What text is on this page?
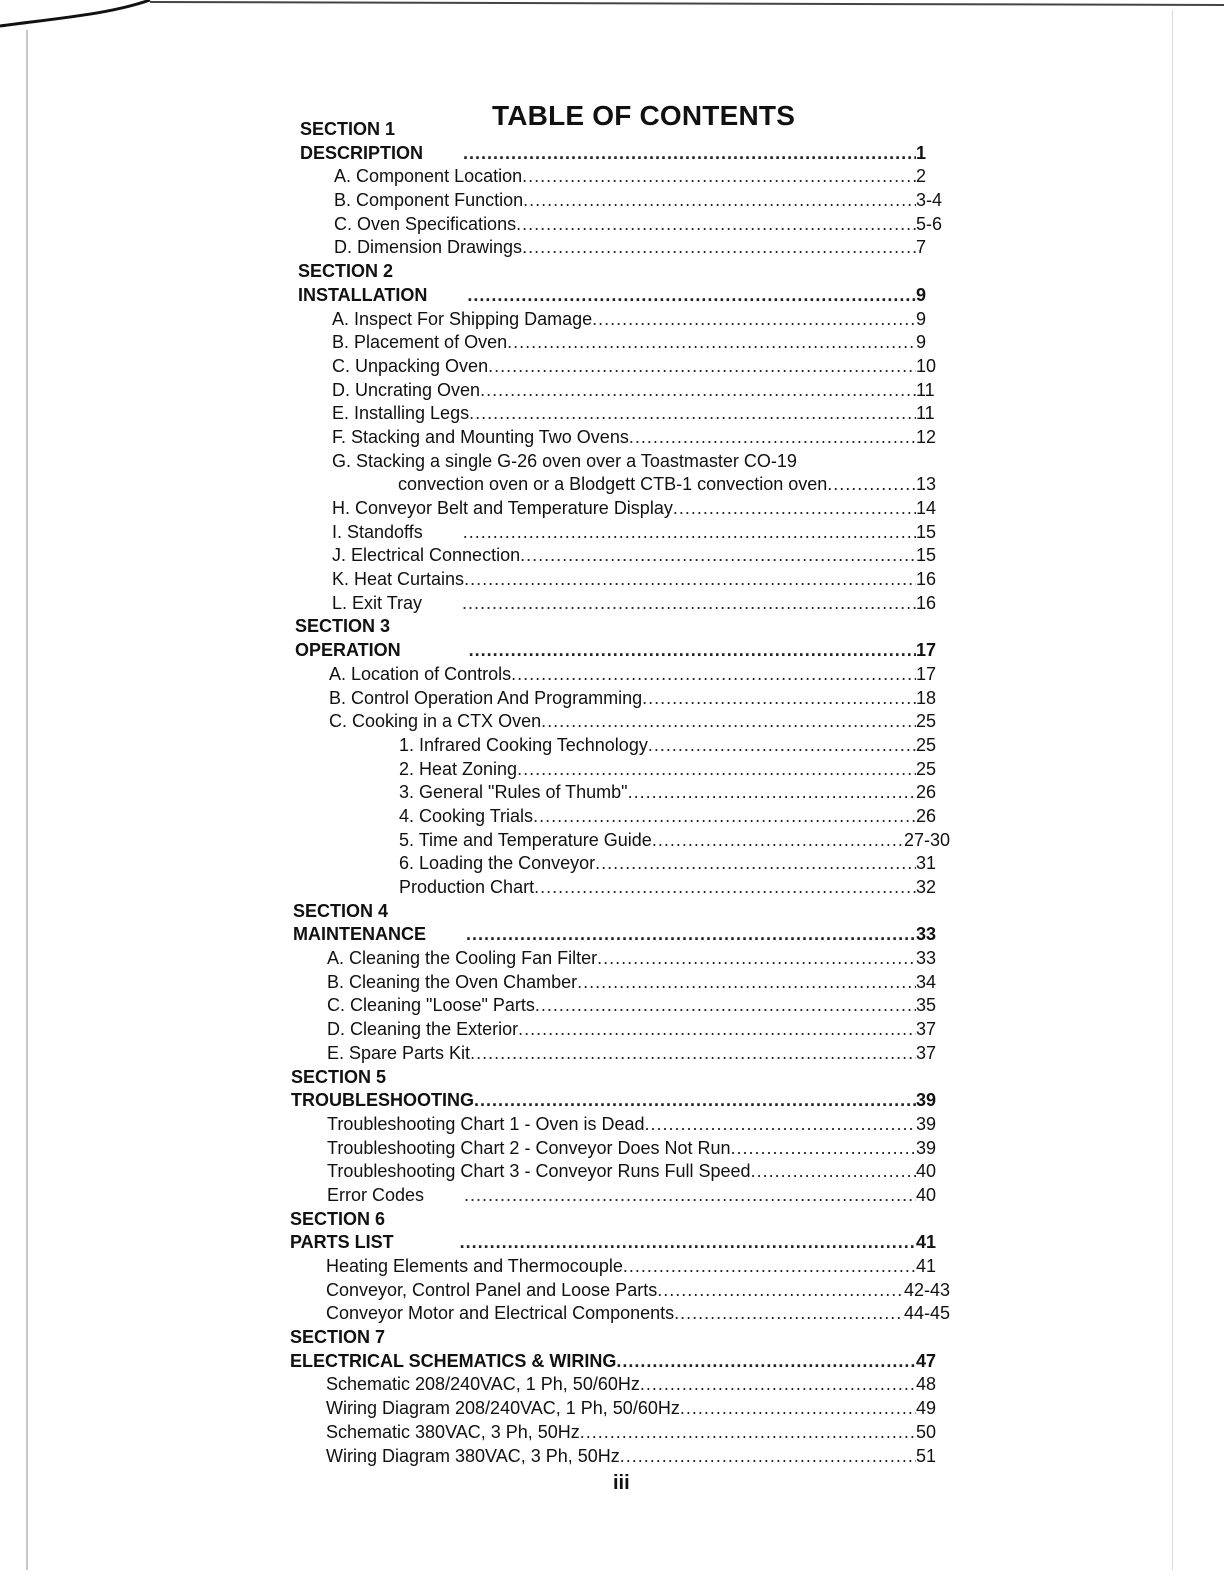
TABLE OF CONTENTS
SECTION 1
DESCRIPTION .....	1
A. Component Location .....	2
B. Component Function .....	3-4
C. Oven Specifications .....	5-6
D. Dimension Drawings .....	7
SECTION 2
INSTALLATION .....	9
A. Inspect For Shipping Damage .....	9
B. Placement of Oven .....	9
C. Unpacking Oven .....	10
D. Uncrating Oven .....	11
E. Installing Legs .....	11
F. Stacking and Mounting Two Ovens .....	12
G. Stacking a single G-26 oven over a Toastmaster CO-19
convection oven or a Blodgett CTB-1 convection oven .....	13
H. Conveyor Belt and Temperature Display .....	14
I. Standoffs .....	15
J. Electrical Connection .....	15
K. Heat Curtains .....	16
L. Exit Tray .....	16
SECTION 3
OPERATION .....	17
A. Location of Controls .....	17
B. Control Operation And Programming .....	18
C. Cooking in a CTX Oven .....	25
1. Infrared Cooking Technology .....	25
2. Heat Zoning .....	25
3. General "Rules of Thumb" .....	26
4. Cooking Trials .....	26
5. Time and Temperature Guide .....	27-30
6. Loading the Conveyor .....	31
Production Chart .....	32
SECTION 4
MAINTENANCE .....	33
A. Cleaning the Cooling Fan Filter .....	33
B. Cleaning the Oven Chamber .....	34
C. Cleaning "Loose" Parts .....	35
D. Cleaning the Exterior .....	37
E. Spare Parts Kit .....	37
SECTION 5
TROUBLESHOOTING .....	39
Troubleshooting Chart 1 - Oven is Dead .....	39
Troubleshooting Chart 2 - Conveyor Does Not Run .....	39
Troubleshooting Chart 3 - Conveyor Runs Full Speed .....	40
Error Codes .....	40
SECTION 6
PARTS LIST .....	41
Heating Elements and Thermocouple .....	41
Conveyor, Control Panel and Loose Parts .....	42-43
Conveyor Motor and Electrical Components .....	44-45
SECTION 7
ELECTRICAL SCHEMATICS & WIRING .....	47
Schematic 208/240VAC, 1 Ph, 50/60Hz .....	48
Wiring Diagram 208/240VAC, 1 Ph, 50/60Hz .....	49
Schematic 380VAC, 3 Ph, 50Hz .....	50
Wiring Diagram 380VAC, 3 Ph, 50Hz .....	51
iii
